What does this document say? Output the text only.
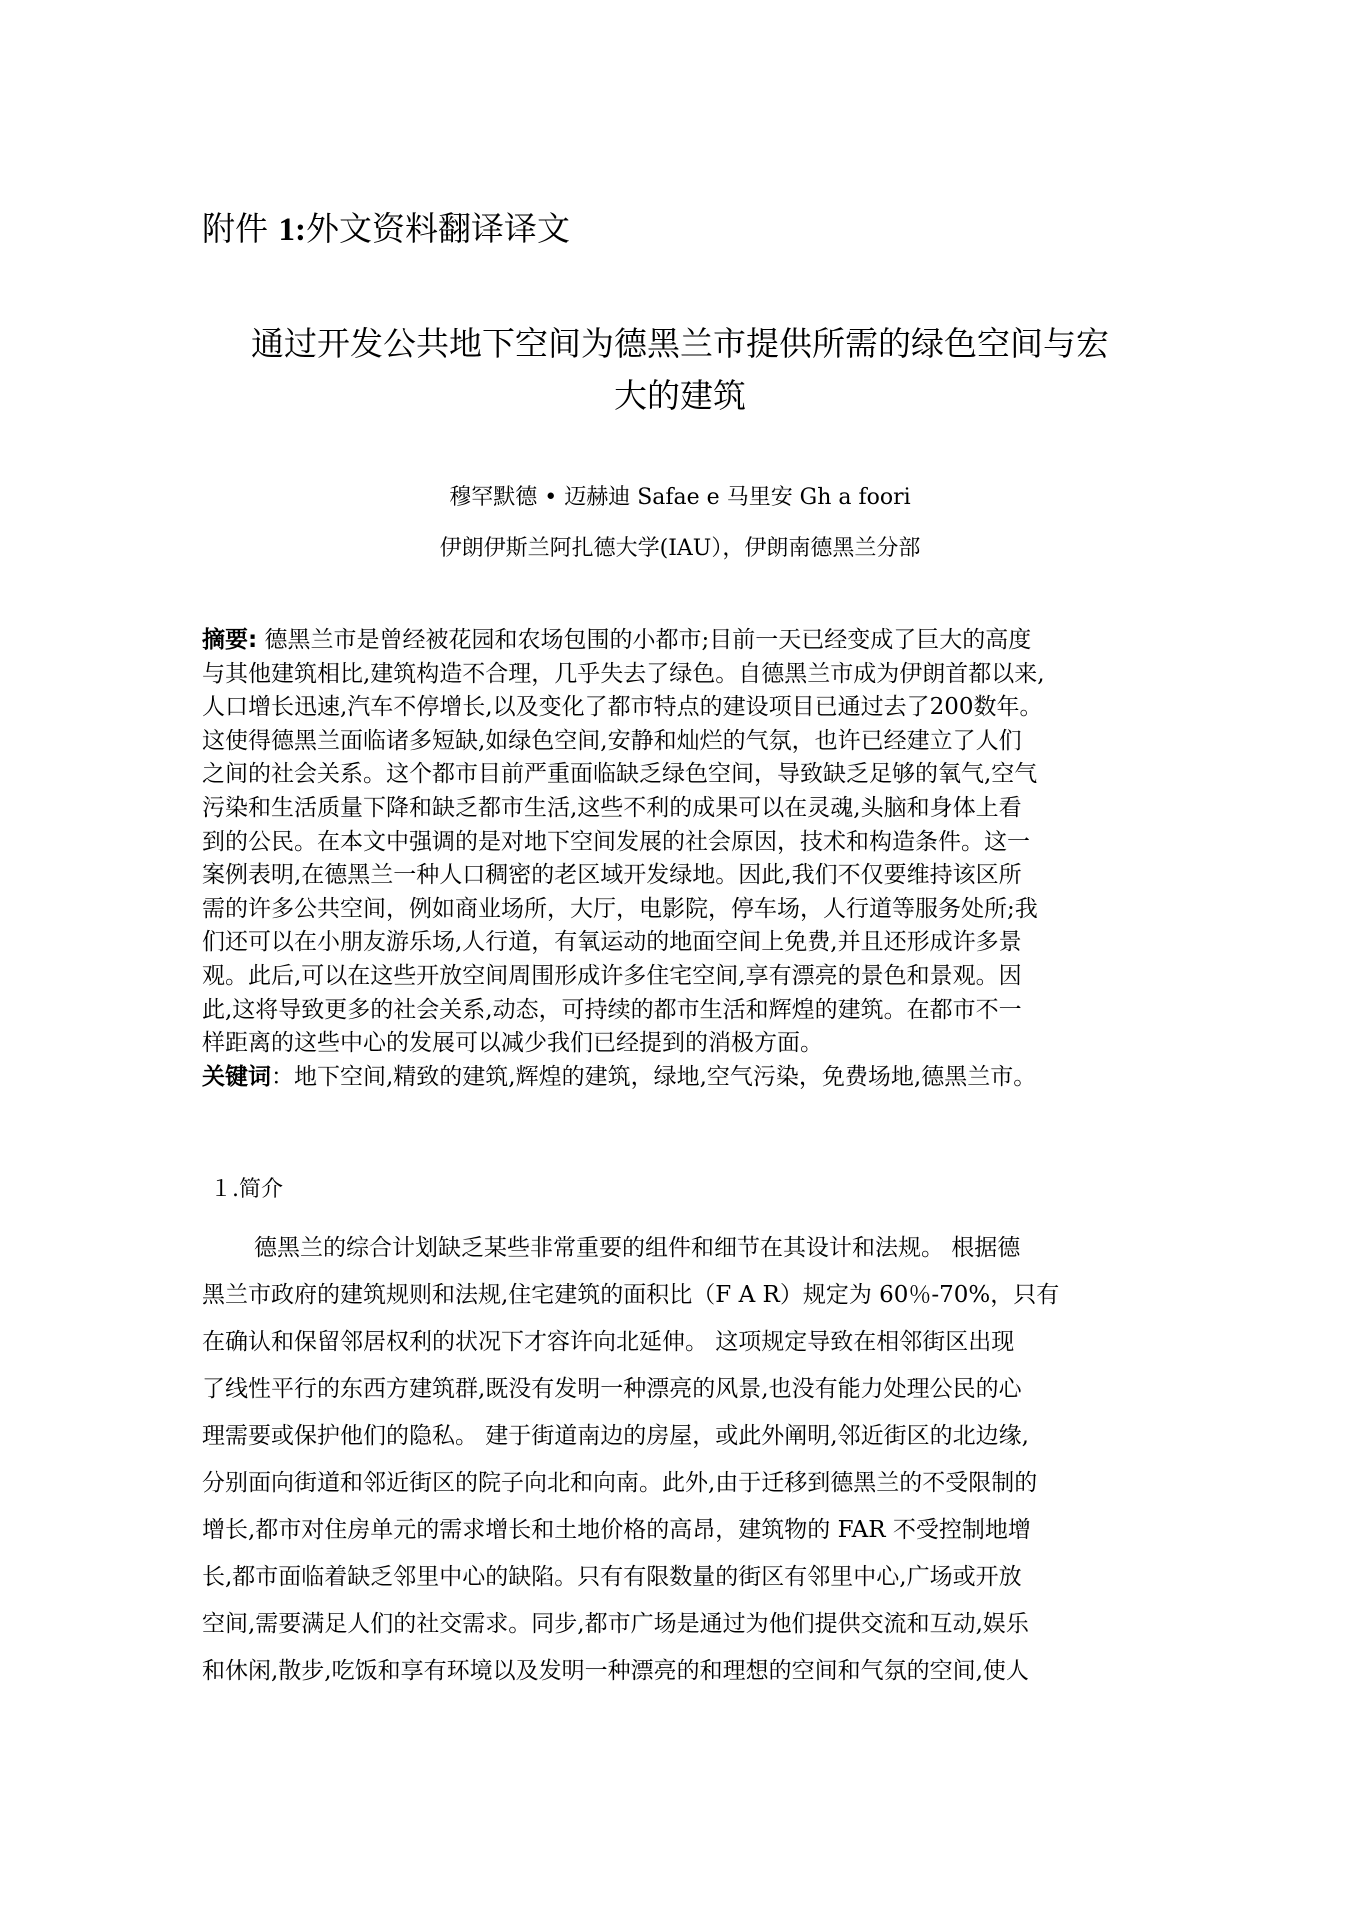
附件 1:外文资料翻译译文
通过开发公共地下空间为德黑兰市提供所需的绿色空间与宏
大的建筑
穆罕默德 • 迈赫迪 Safae e 马里安 Gh a foori
伊朗伊斯兰阿扎德大学(IAU），伊朗南德黑兰分部
摘要: 德黑兰市是曾经被花园和农场包围的小都市;目前一天已经变成了巨大的高度
与其他建筑相比,建筑构造不合理，几乎失去了绿色。自德黑兰市成为伊朗首都以来,
人口增长迅速,汽车不停增长,以及变化了都市特点的建设项目已通过去了200数年。
这使得德黑兰面临诸多短缺,如绿色空间,安静和灿烂的气氛，也许已经建立了人们
之间的社会关系。这个都市目前严重面临缺乏绿色空间，导致缺乏足够的氧气,空气
污染和生活质量下降和缺乏都市生活,这些不利的成果可以在灵魂,头脑和身体上看
到的公民。在本文中强调的是对地下空间发展的社会原因，技术和构造条件。这一
案例表明,在德黑兰一种人口稠密的老区域开发绿地。因此,我们不仅要维持该区所
需的许多公共空间，例如商业场所，大厅，电影院，停车场，人行道等服务处所;我
们还可以在小朋友游乐场,人行道，有氧运动的地面空间上免费,并且还形成许多景
观。此后,可以在这些开放空间周围形成许多住宅空间,享有漂亮的景色和景观。因
此,这将导致更多的社会关系,动态，可持续的都市生活和辉煌的建筑。在都市不一
样距离的这些中心的发展可以减少我们已经提到的消极方面。
关键词：地下空间,精致的建筑,辉煌的建筑，绿地,空气污染，免费场地,德黑兰市。
１.简介
德黑兰的综合计划缺乏某些非常重要的组件和细节在其设计和法规。 根据德
黑兰市政府的建筑规则和法规,住宅建筑的面积比（F A R）规定为 60％-70%，只有
在确认和保留邻居权利的状况下才容许向北延伸。 这项规定导致在相邻街区出现
了线性平行的东西方建筑群,既没有发明一种漂亮的风景,也没有能力处理公民的心
理需要或保护他们的隐私。 建于街道南边的房屋，或此外阐明,邻近街区的北边缘,
分别面向街道和邻近街区的院子向北和向南。此外,由于迁移到德黑兰的不受限制的
增长,都市对住房单元的需求增长和土地价格的高昂，建筑物的 FAR 不受控制地增
长,都市面临着缺乏邻里中心的缺陷。只有有限数量的街区有邻里中心,广场或开放
空间,需要满足人们的社交需求。同步,都市广场是通过为他们提供交流和互动,娱乐
和休闲,散步,吃饭和享有环境以及发明一种漂亮的和理想的空间和气氛的空间,使人
